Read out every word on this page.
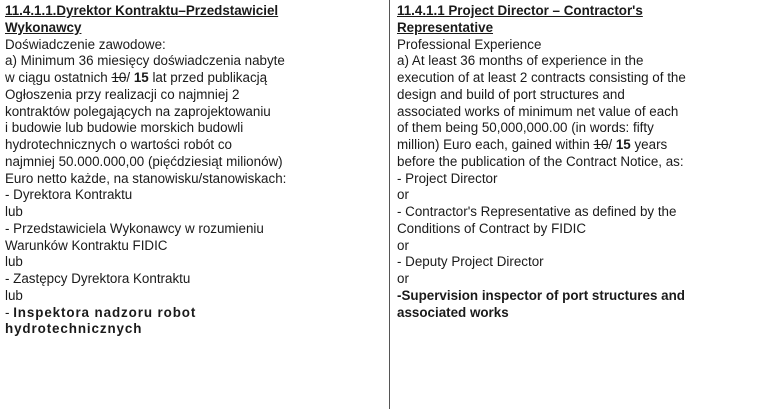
11.4.1.1.Dyrektor Kontraktu–Przedstawiciel
Wykonawcy
Doświadczenie zawodowe:
a) Minimum 36 miesięcy doświadczenia nabyte
w ciągu ostatnich 10/ 15 lat przed publikacją
Ogłoszenia przy realizacji co najmniej 2
kontraktów polegających na zaprojektowaniu
i budowie lub budowie morskich budowli
hydrotechnicznych o wartości robót co
najmniej 50.000.000,00 (pięćdziesiąt milionów)
Euro netto każde, na stanowisku/stanowiskach:
- Dyrektora Kontraktu
lub
- Przedstawiciela Wykonawcy w rozumieniu
Warunków Kontraktu FIDIC
lub
- Zastępcy Dyrektora Kontraktu
lub
- Inspektora nadzoru robot
hydrotechnicznych
11.4.1.1 Project Director – Contractor's
Representative
Professional Experience
a) At least 36 months of experience in the
execution of at least 2 contracts consisting of the
design and build of port structures and
associated works of minimum net value of each
of them being 50,000,000.00 (in words: fifty
million) Euro each, gained within 10/ 15 years
before the publication of the Contract Notice, as:
- Project Director
or
- Contractor's Representative as defined by the
Conditions of Contract by FIDIC
or
- Deputy Project Director
or
-Supervision inspector of port structures and
associated works
